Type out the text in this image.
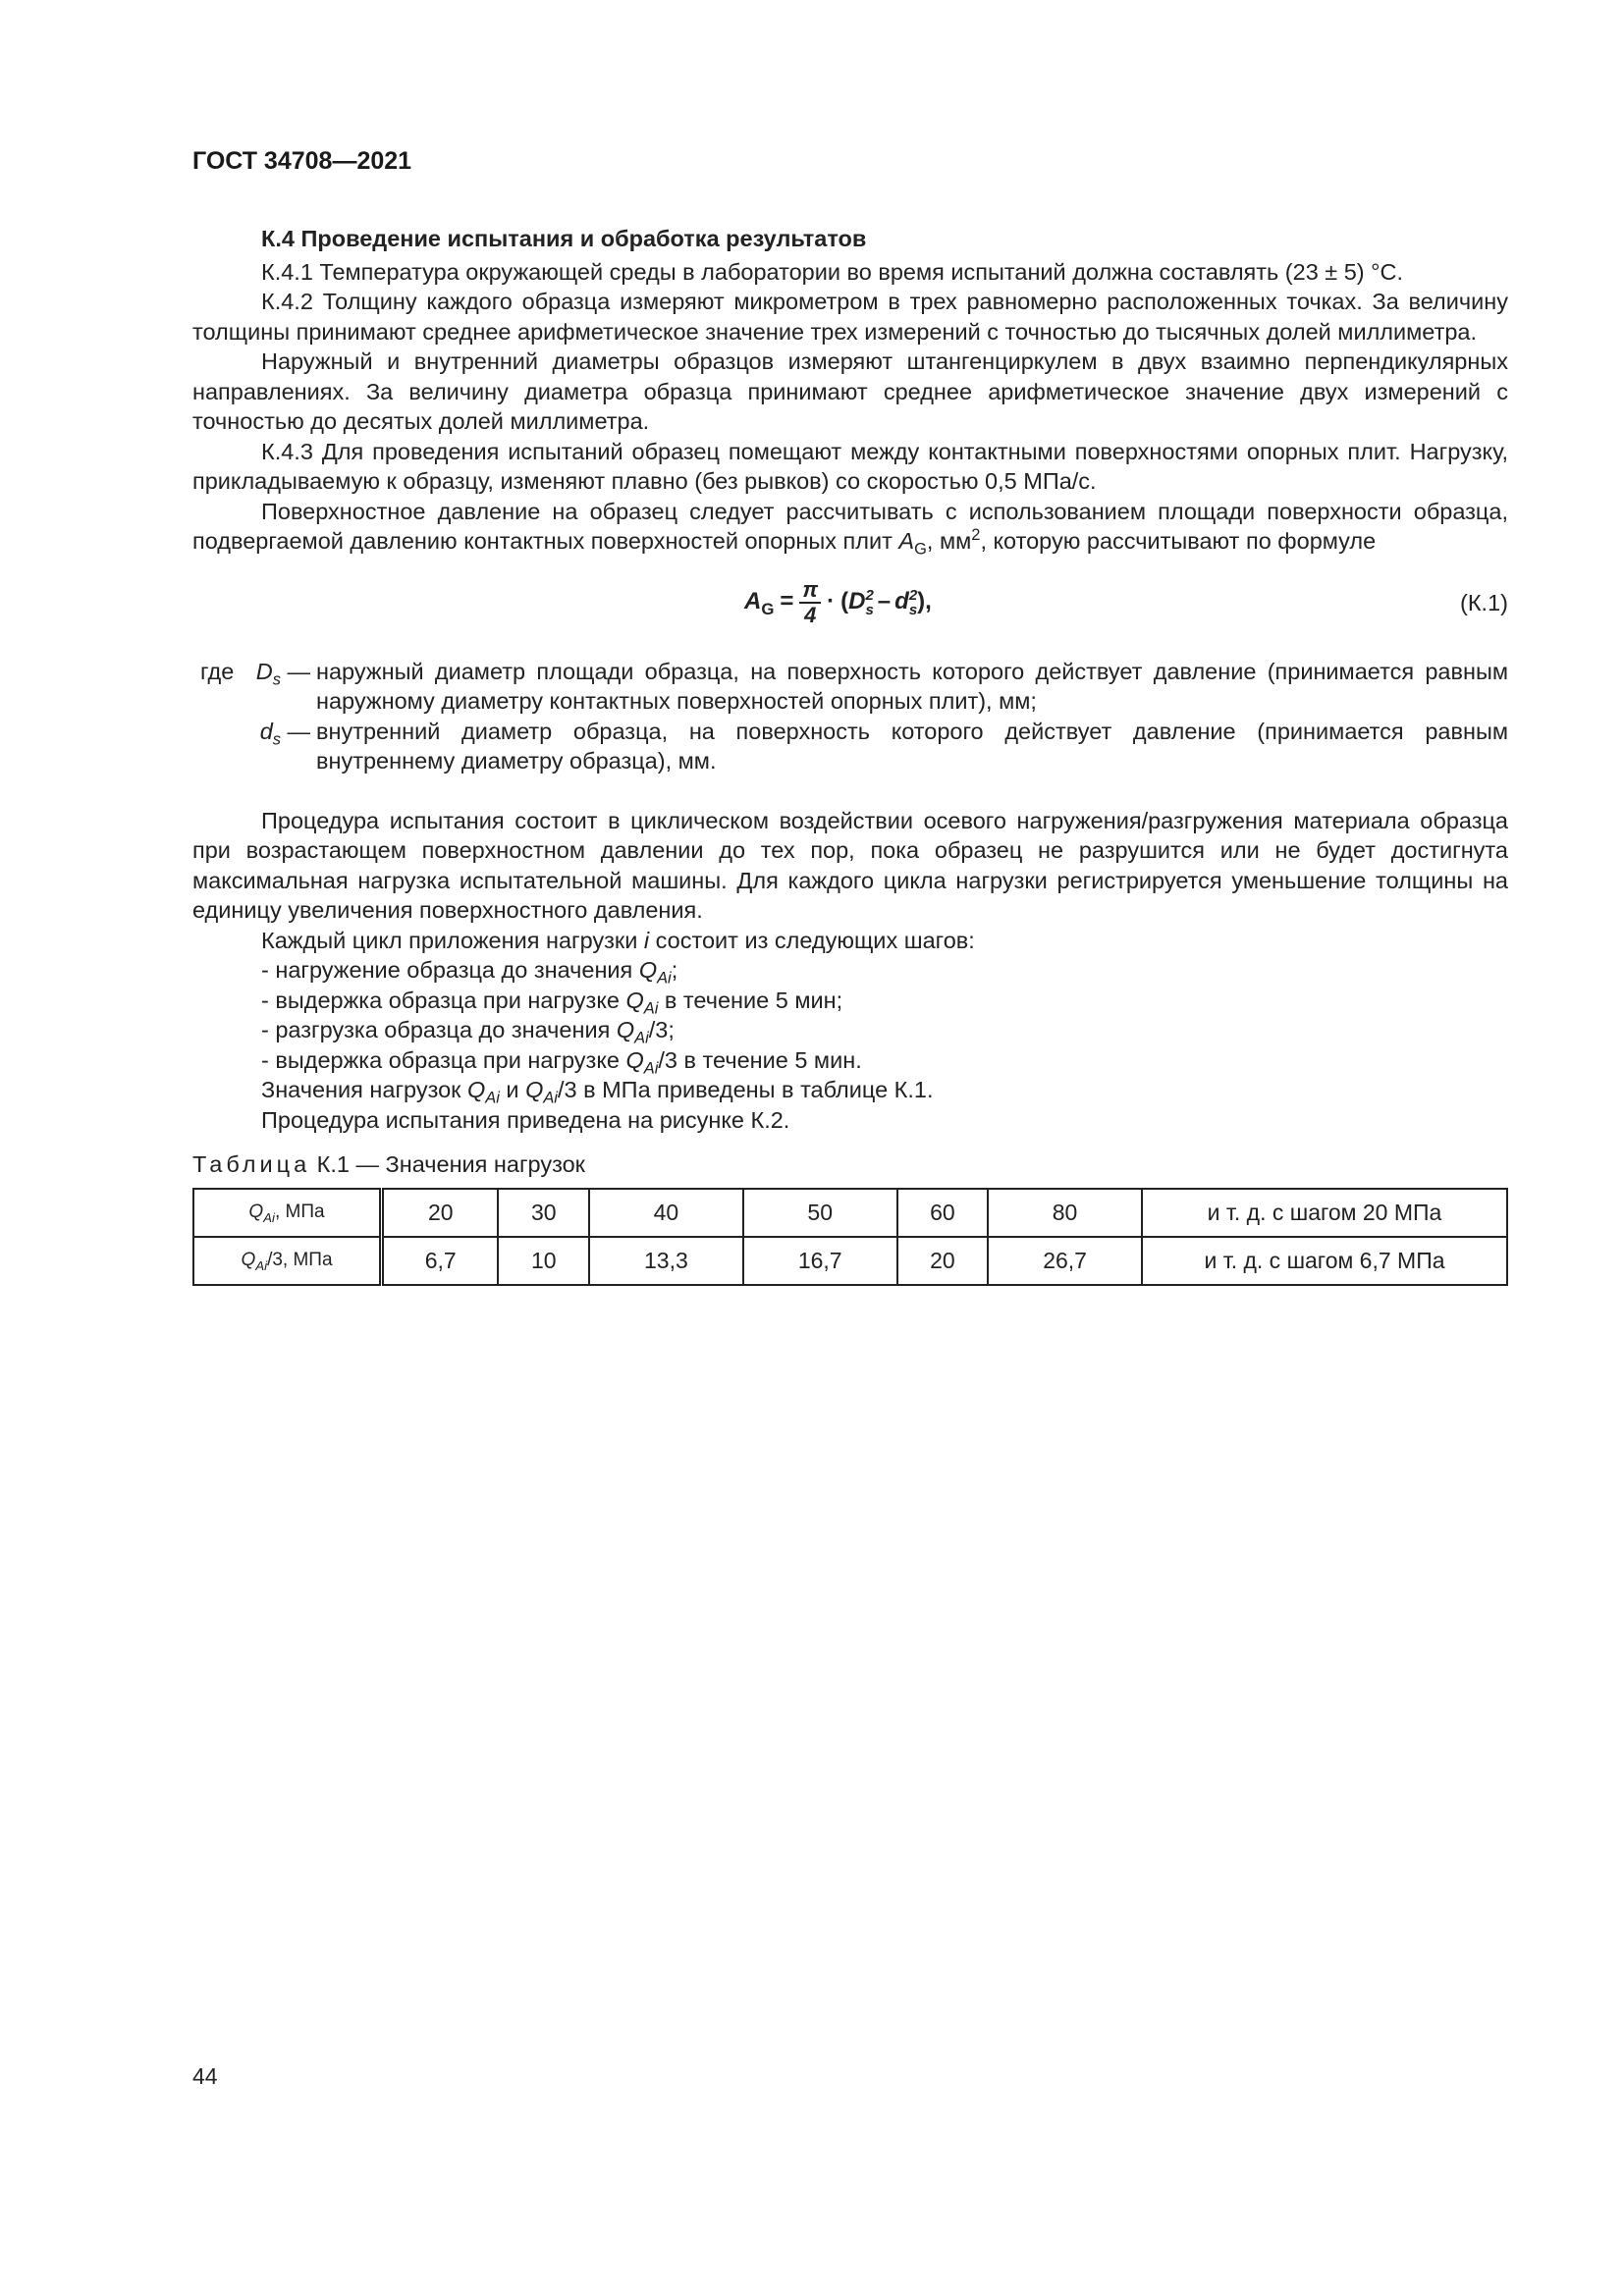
ГОСТ 34708—2021
К.4 Проведение испытания и обработка результатов

К.4.1 Температура окружающей среды в лаборатории во время испытаний должна составлять (23 ± 5) °С.

К.4.2 Толщину каждого образца измеряют микрометром в трех равномерно расположенных точках. За величину толщины принимают среднее арифметическое значение трех измерений с точностью до тысячных долей миллиметра.

Наружный и внутренний диаметры образцов измеряют штангенциркулем в двух взаимно перпендикулярных направлениях. За величину диаметра образца принимают среднее арифметическое значение двух измерений с точностью до десятых долей миллиметра.

К.4.3 Для проведения испытаний образец помещают между контактными поверхностями опорных плит. Нагрузку, прикладываемую к образцу, изменяют плавно (без рывков) со скоростью 0,5 МПа/с.

Поверхностное давление на образец следует рассчитывать с использованием площади поверхности образца, подвергаемой давлению контактных поверхностей опорных плит $A_G$, $мм^2$, которую рассчитывают по формуле

$A_G = \frac{\pi}{4} \cdot (D$ 2
s – d 2
s ),	(К.1)
где $D_s$ — наружный диаметр площади образца, на поверхность которого действует давление (принимается равным наружному диаметру контактных поверхностей опорных плит), мм;
$d_s$ — внутренний диаметр образца, на поверхность которого действует давление (принимается равным внутреннему диаметру образца), мм.

Процедура испытания состоит в циклическом воздействии осевого нагружения/разгружения материала образца при возрастающем поверхностном давлении до тех пор, пока образец не разрушится или не будет достигнута максимальная нагрузка испытательной машины. Для каждого цикла нагрузки регистрируется уменьшение толщины на единицу увеличения поверхностного давления.

Каждый цикл приложения нагрузки i состоит из следующих шагов:

- нагружение образца до значения $Q_{Ai}$;
- выдержка образца при нагрузке $Q_{Ai}$ в течение 5 мин;
- разгрузка образца до значения $Q_{Ai}/3$;
- выдержка образца при нагрузке $Q_{Ai}/3$ в течение 5 мин.
Значения нагрузок $Q_{Ai}$ и $Q_{Ai}/3$ в МПа приведены в таблице К.1.
Процедура испытания приведена на рисунке К.2.
Таблица К.1 — Значения нагрузок
$Q_{Ai}$, МПа	20	30	40	50	60	80	и т. д. с шагом 20 МПа
$Q_{Ai}/3$, МПа	6,7	10	13,3	16,7	20	26,7	и т. д. с шагом 6,7 МПа
44
